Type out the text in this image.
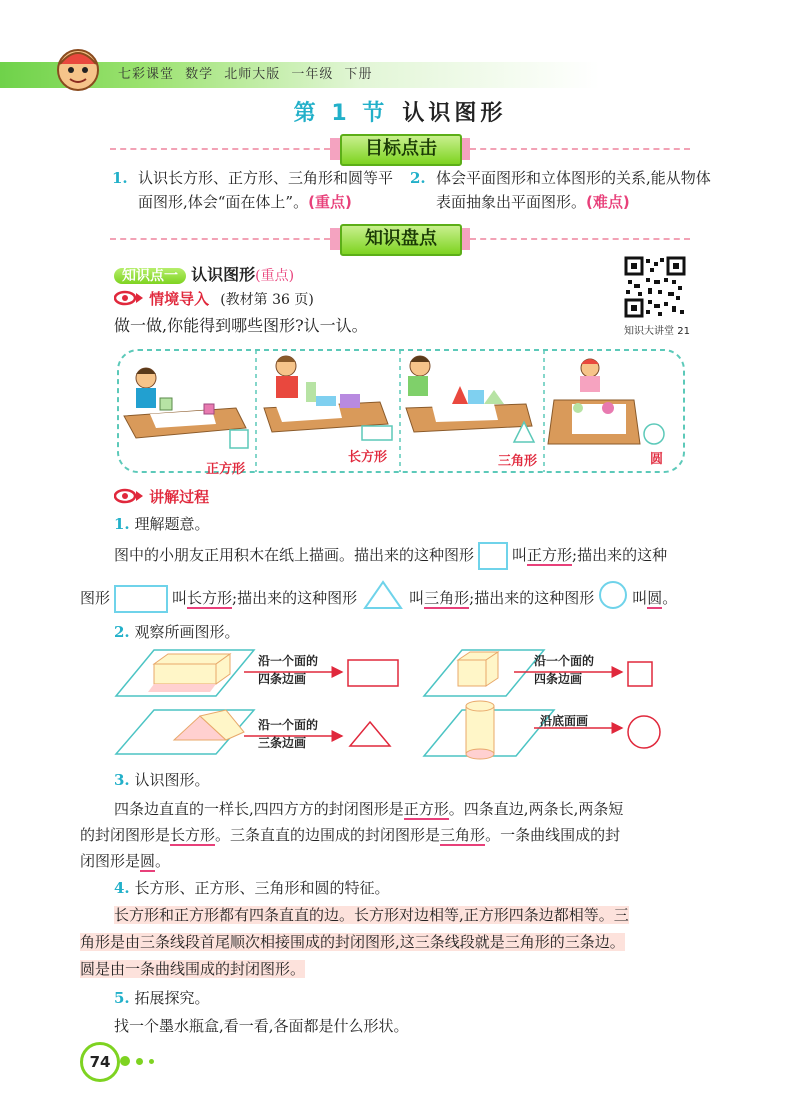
七彩课堂 数学 北师大版 一年级 下册
第 1 节 认识图形
目标点击
1. 认识长方形、正方形、三角形和圆等平面图形,体会“面在体上”。(重点)
2. 体会平面图形和立体图形的关系,能从物体表面抽象出平面图形。(难点)
知识盘点
知识点一 认识图形(重点)
知识大讲堂 21
情境导入 (教材第 36 页)
做一做,你能得到哪些图形?认一认。
正方形
长方形	三角形	圆
讲解过程
1. 理解题意。
图中的小朋友正用积木在纸上描画。描出来的这种图形	叫正方形;描出来的这种
图形	叫长方形;描出来的这种图形	叫三角形;描出来的这种图形	叫圆。
2. 观察所画图形。
沿一个面的
四条边画
沿一个面的
四条边画
沿一个面的
三条边画
沿底面画
3. 认识图形。
四条边直直的一样长,四四方方的封闭图形是正方形。四条直边,两条长,两条短
的封闭图形是长方形。三条直直的边围成的封闭图形是三角形。一条曲线围成的封
闭图形是圆。
4. 长方形、正方形、三角形和圆的特征。
长方形和正方形都有四条直直的边。长方形对边相等,正方形四条边都相等。三
角形是由三条线段首尾顺次相接围成的封闭图形,这三条线段就是三角形的三条边。
圆是由一条曲线围成的封闭图形。
5. 拓展探究。
找一个墨水瓶盒,看一看,各面都是什么形状。
74
